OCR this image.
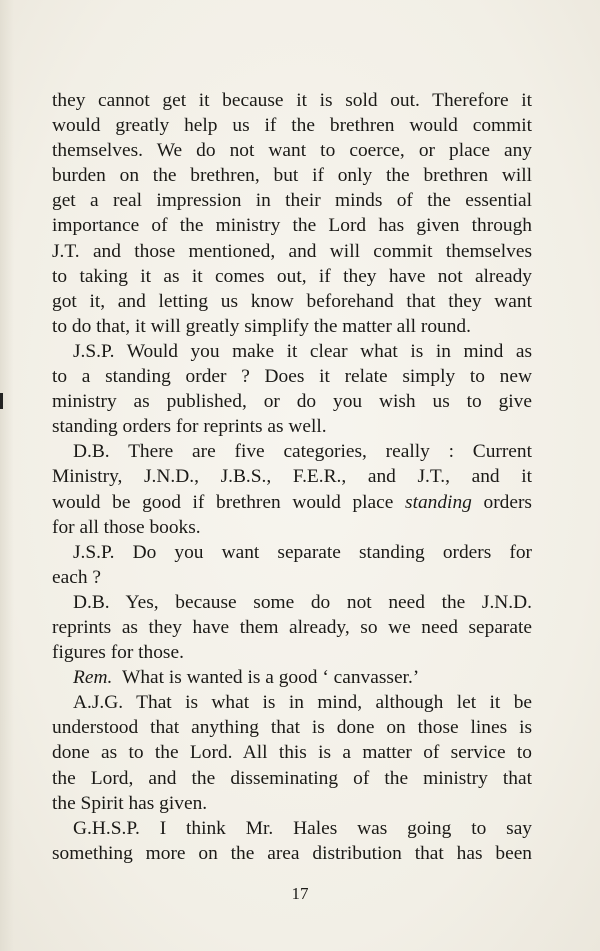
they cannot get it because it is sold out. Therefore it
would greatly help us if the brethren would commit
themselves. We do not want to coerce, or place any
burden on the brethren, but if only the brethren will
get a real impression in their minds of the essential
importance of the ministry the Lord has given through
J.T. and those mentioned, and will commit themselves
to taking it as it comes out, if they have not already
got it, and letting us know beforehand that they want
to do that, it will greatly simplify the matter all round.
J.S.P. Would you make it clear what is in mind as
to a standing order ? Does it relate simply to new
ministry as published, or do you wish us to give
standing orders for reprints as well.
D.B. There are five categories, really : Current
Ministry, J.N.D., J.B.S., F.E.R., and J.T., and it
would be good if brethren would place standing orders
for all those books.
J.S.P. Do you want separate standing orders for
each ?
D.B. Yes, because some do not need the J.N.D.
reprints as they have them already, so we need separate
figures for those.
Rem. What is wanted is a good ‘ canvasser.’
A.J.G. That is what is in mind, although let it be
understood that anything that is done on those lines is
done as to the Lord. All this is a matter of service to
the Lord, and the disseminating of the ministry that
the Spirit has given.
G.H.S.P. I think Mr. Hales was going to say
something more on the area distribution that has been
17
